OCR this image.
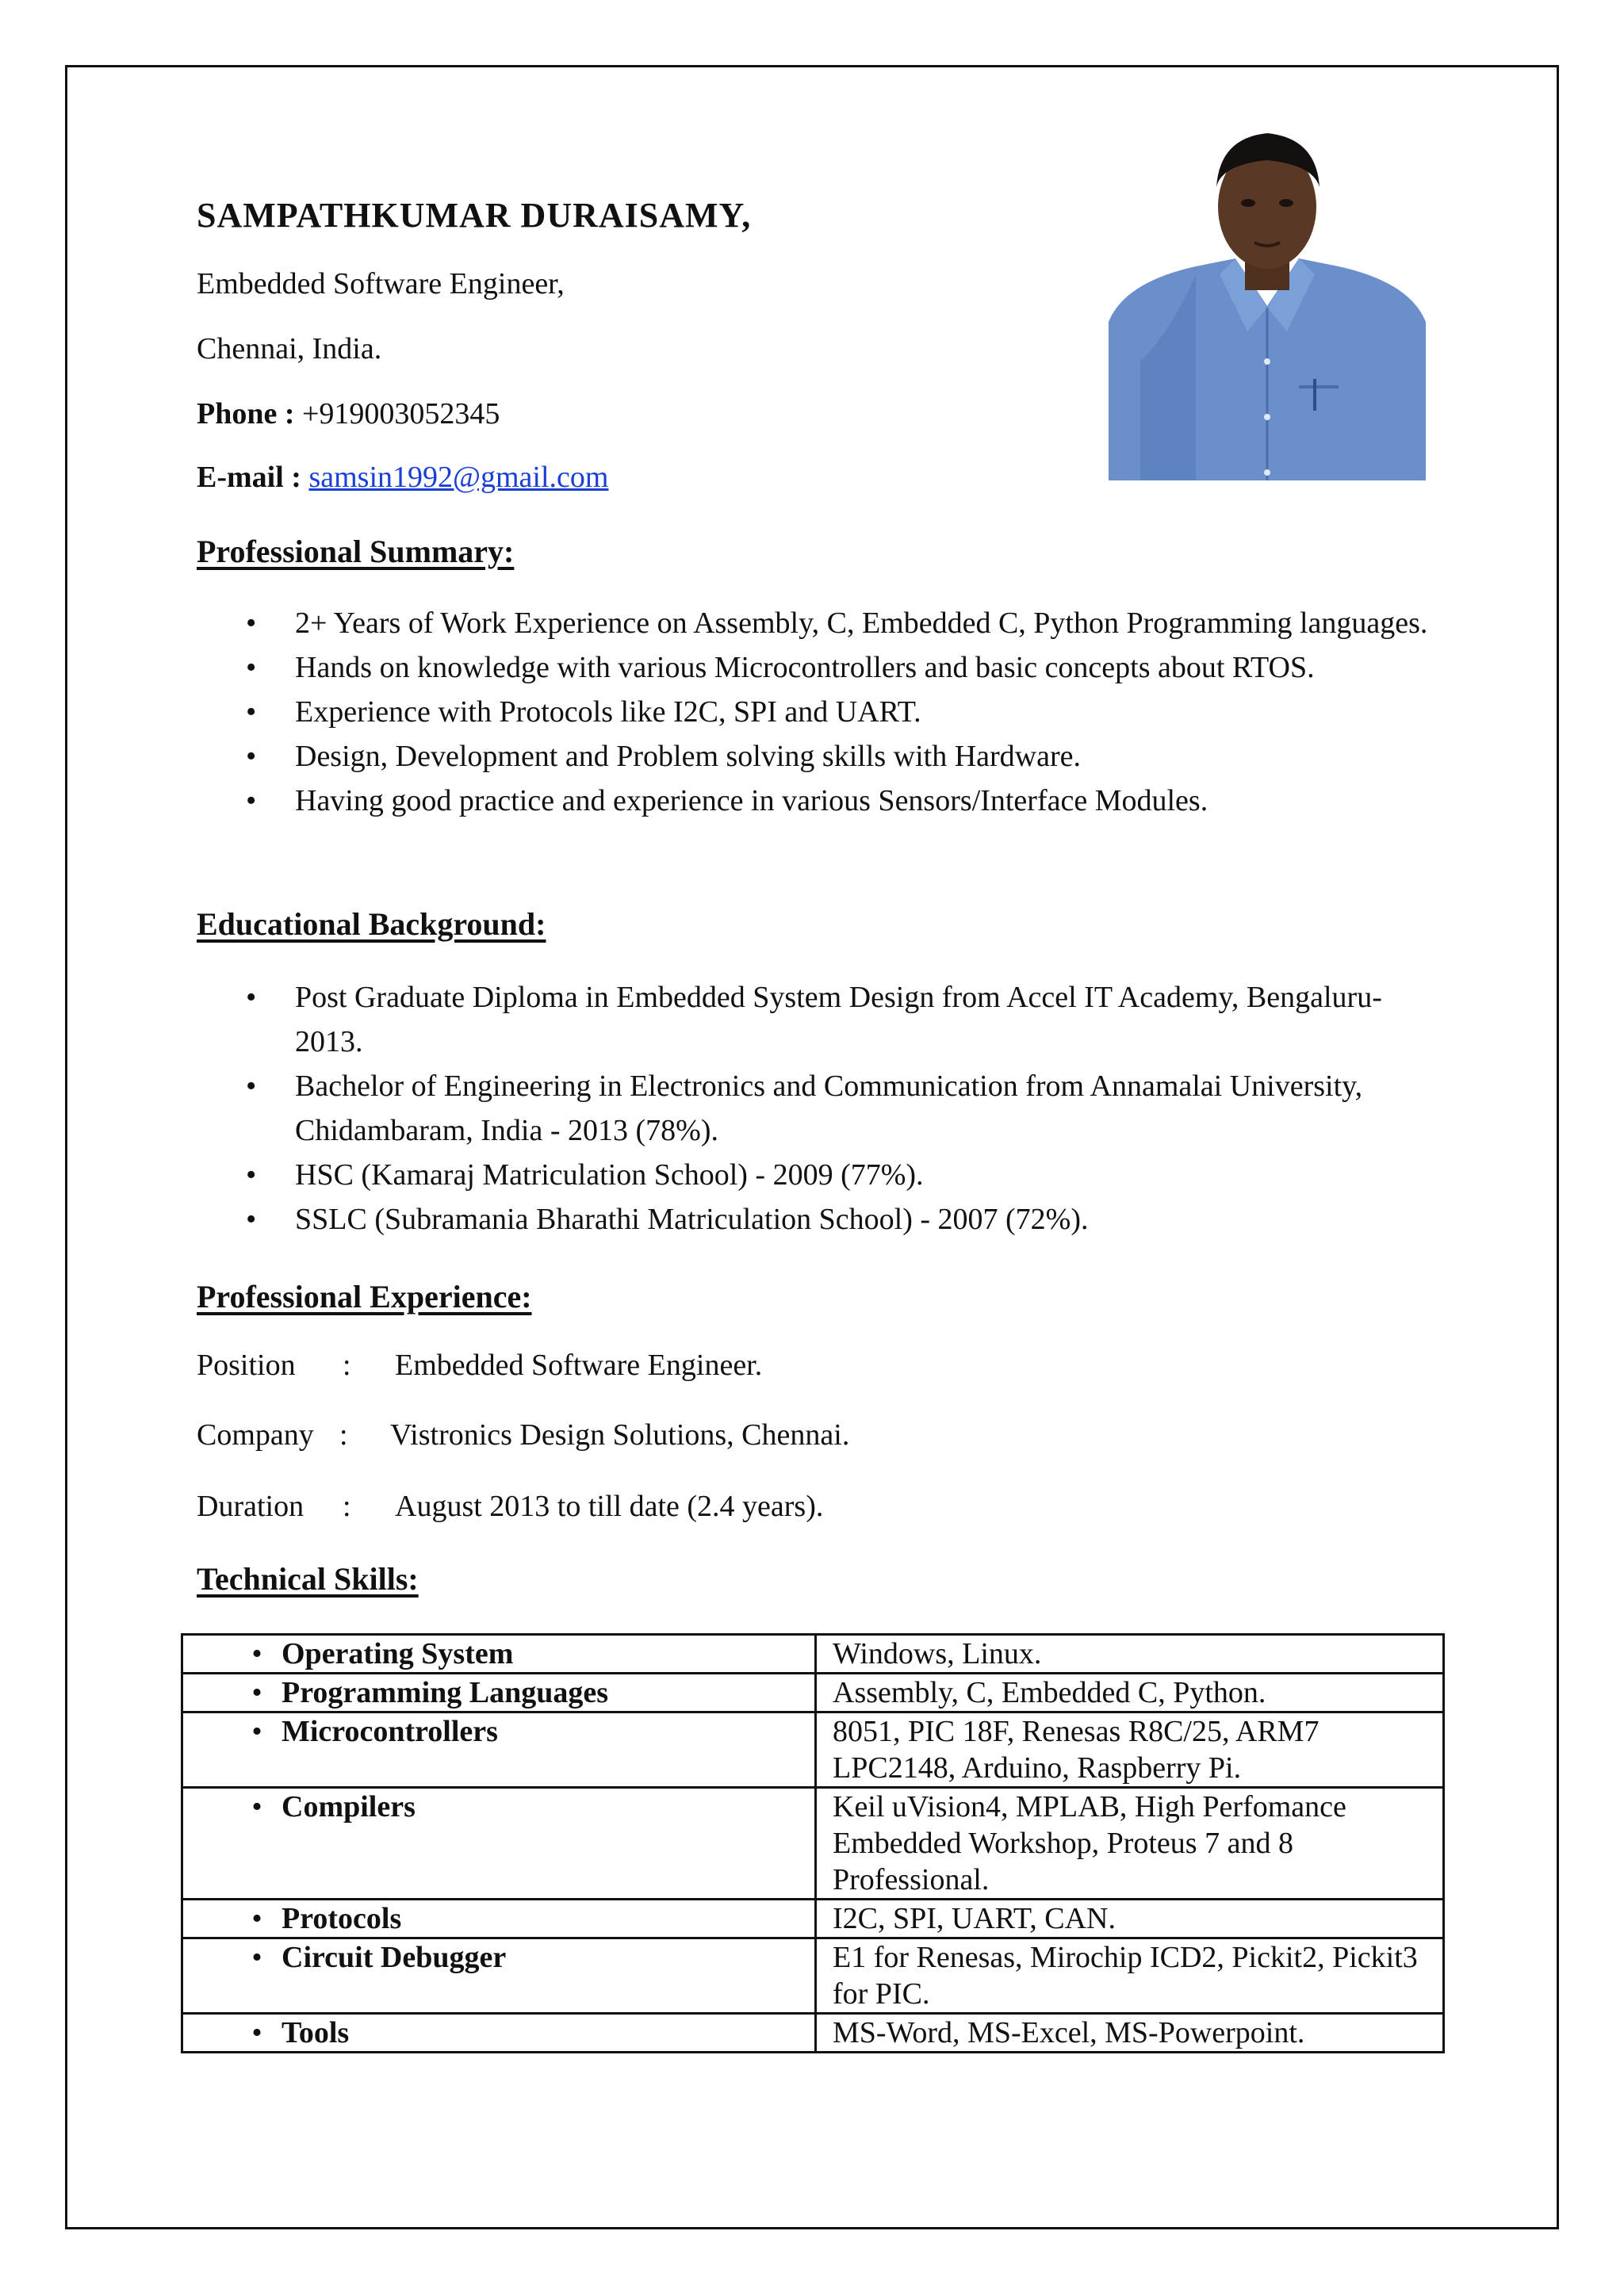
SAMPATHKUMAR DURAISAMY,
Embedded Software Engineer,
Chennai, India.
Phone : +919003052345
E-mail : samsin1992@gmail.com
Professional Summary:
• 2+ Years of Work Experience on Assembly, C, Embedded C, Python Programming languages.
• Hands on knowledge with various Microcontrollers and basic concepts about RTOS.
• Experience with Protocols like I2C, SPI and UART.
• Design, Development and Problem solving skills with Hardware.
• Having good practice and experience in various Sensors/Interface Modules.
Educational Background:
• Post Graduate Diploma in Embedded System Design from Accel IT Academy, Bengaluru-2013.
• Bachelor of Engineering in Electronics and Communication from Annamalai University, Chidambaram, India - 2013 (78%).
• HSC (Kamaraj Matriculation School) - 2009 (77%).
• SSLC (Subramania Bharathi Matriculation School) - 2007 (72%).
Professional Experience:
Position : Embedded Software Engineer.
Company : Vistronics Design Solutions, Chennai.
Duration : August 2013 to till date (2.4 years).
Technical Skills:
• Operating System	Windows, Linux.
• Programming Languages	Assembly, C, Embedded C, Python.
• Microcontrollers	8051, PIC 18F, Renesas R8C/25, ARM7 LPC2148, Arduino, Raspberry Pi.
• Compilers	Keil uVision4, MPLAB, High Perfomance Embedded Workshop, Proteus 7 and 8 Professional.
• Protocols	I2C, SPI, UART, CAN.
• Circuit Debugger	E1 for Renesas, Mirochip ICD2, Pickit2, Pickit3 for PIC.
• Tools	MS-Word, MS-Excel, MS-Powerpoint.
